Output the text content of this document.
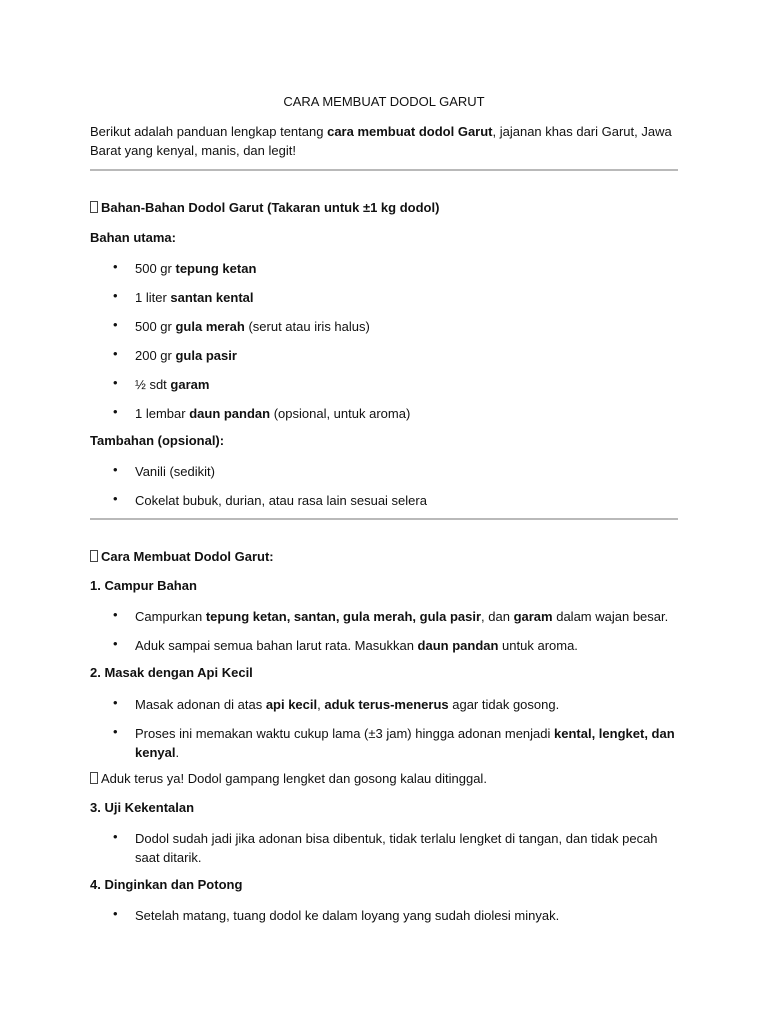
CARA MEMBUAT DODOL GARUT
Berikut adalah panduan lengkap tentang cara membuat dodol Garut, jajanan khas dari Garut, Jawa Barat yang kenyal, manis, dan legit!
Bahan-Bahan Dodol Garut (Takaran untuk ±1 kg dodol)
Bahan utama:
• 500 gr tepung ketan
• 1 liter santan kental
• 500 gr gula merah (serut atau iris halus)
• 200 gr gula pasir
• ½ sdt garam
• 1 lembar daun pandan (opsional, untuk aroma)
Tambahan (opsional):
• Vanili (sedikit)
• Cokelat bubuk, durian, atau rasa lain sesuai selera
Cara Membuat Dodol Garut:
1. Campur Bahan
• Campurkan tepung ketan, santan, gula merah, gula pasir, dan garam dalam wajan besar.
• Aduk sampai semua bahan larut rata. Masukkan daun pandan untuk aroma.
2. Masak dengan Api Kecil
• Masak adonan di atas api kecil, aduk terus-menerus agar tidak gosong.
• Proses ini memakan waktu cukup lama (±3 jam) hingga adonan menjadi kental, lengket, dan kenyal.
Aduk terus ya! Dodol gampang lengket dan gosong kalau ditinggal.
3. Uji Kekentalan
• Dodol sudah jadi jika adonan bisa dibentuk, tidak terlalu lengket di tangan, dan tidak pecah saat ditarik.
4. Dinginkan dan Potong
• Setelah matang, tuang dodol ke dalam loyang yang sudah diolesi minyak.
